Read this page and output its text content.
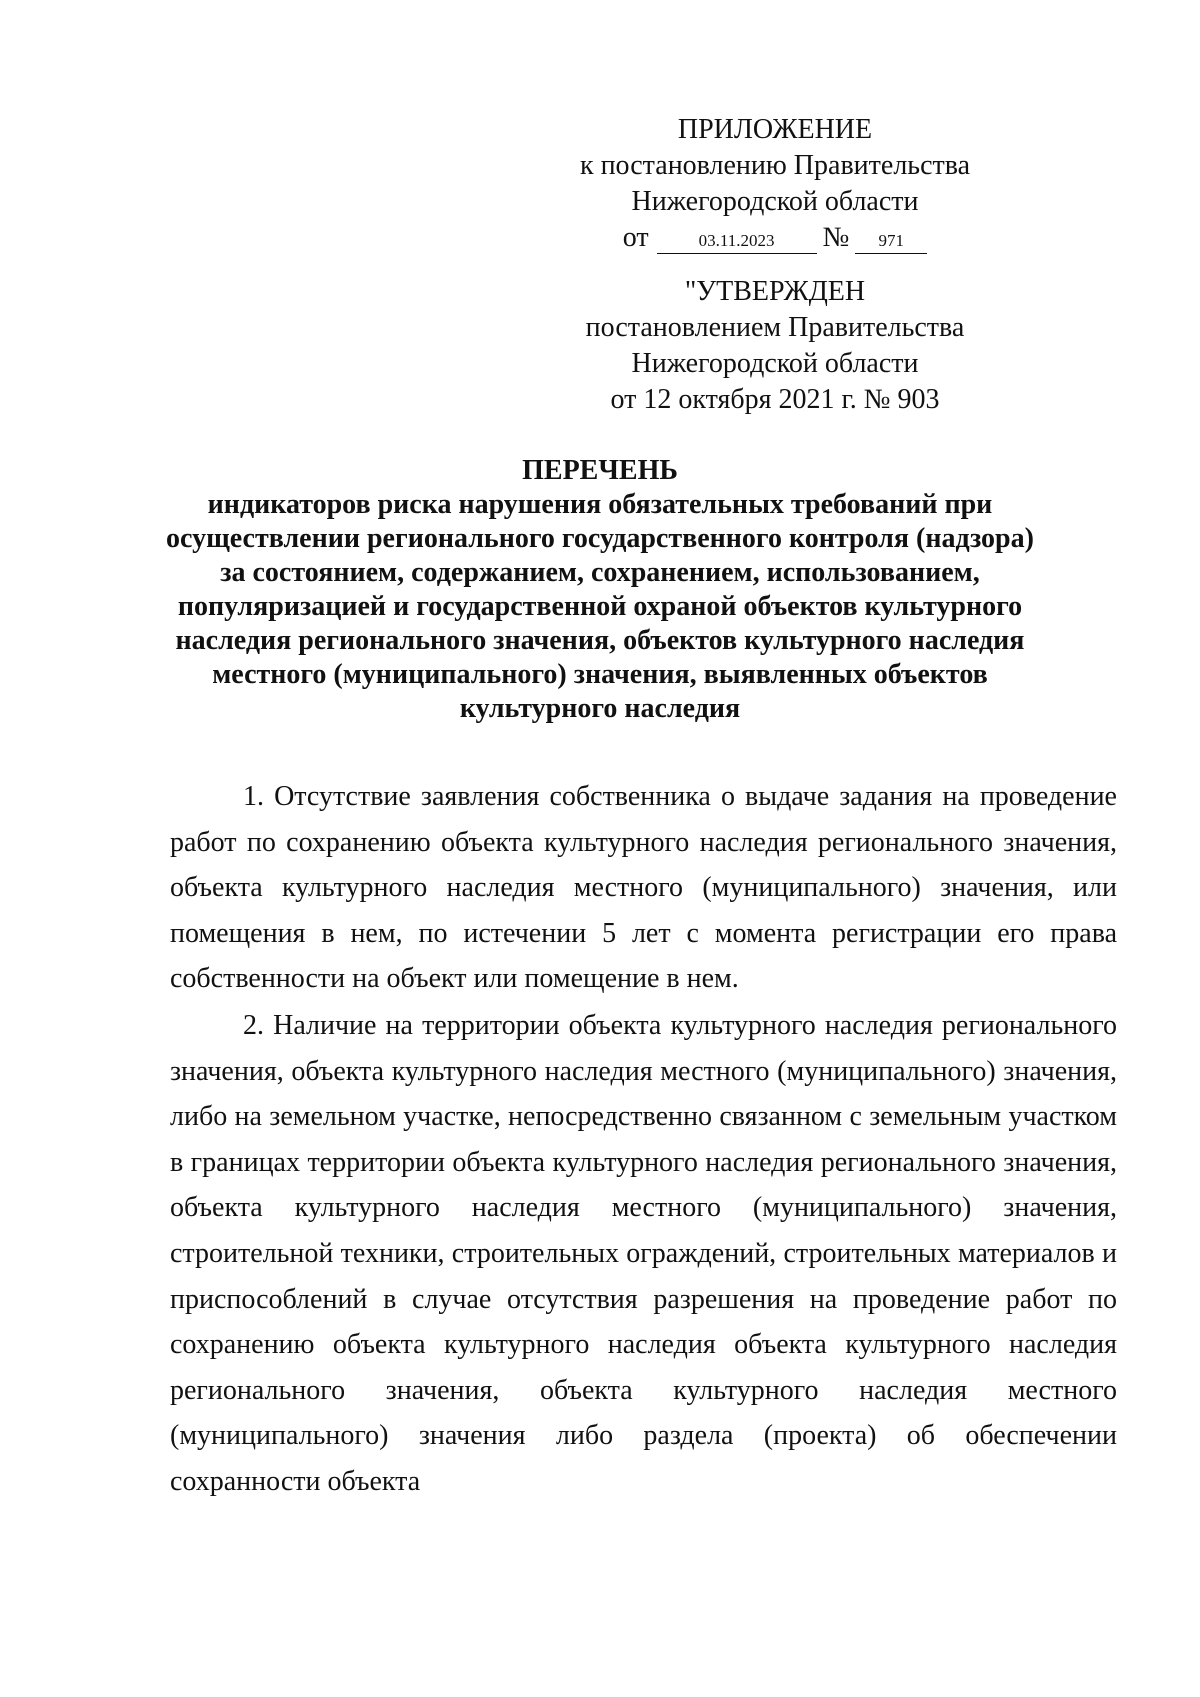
ПРИЛОЖЕНИЕ
к постановлению Правительства
Нижегородской области
от	03.11.2023 № 971
"УТВЕРЖДЕН
постановлением Правительства
Нижегородской области
от 12 октября 2021 г. № 903
ПЕРЕЧЕНЬ
индикаторов риска нарушения обязательных требований при осуществлении регионального государственного контроля (надзора) за состоянием, содержанием, сохранением, использованием, популяризацией и государственной охраной объектов культурного наследия регионального значения, объектов культурного наследия местного (муниципального) значения, выявленных объектов культурного наследия

1. Отсутствие заявления собственника о выдаче задания на проведение работ по сохранению объекта культурного наследия регионального значения, объекта культурного наследия местного (муниципального) значения, или помещения в нем, по истечении 5 лет с момента регистрации его права собственности на объект или помещение в нем.

2. Наличие на территории объекта культурного наследия регионального значения, объекта культурного наследия местного (муниципального) значения, либо на земельном участке, непосредственно связанном с земельным участком в границах территории объекта культурного наследия регионального значения, объекта культурного наследия местного (муниципального) значения, строительной техники, строительных ограждений, строительных материалов и приспособлений в случае отсутствия разрешения на проведение работ по сохранению объекта культурного наследия объекта культурного наследия регионального значения, объекта культурного наследия местного (муниципального) значения либо раздела (проекта) об обеспечении сохранности объекта
